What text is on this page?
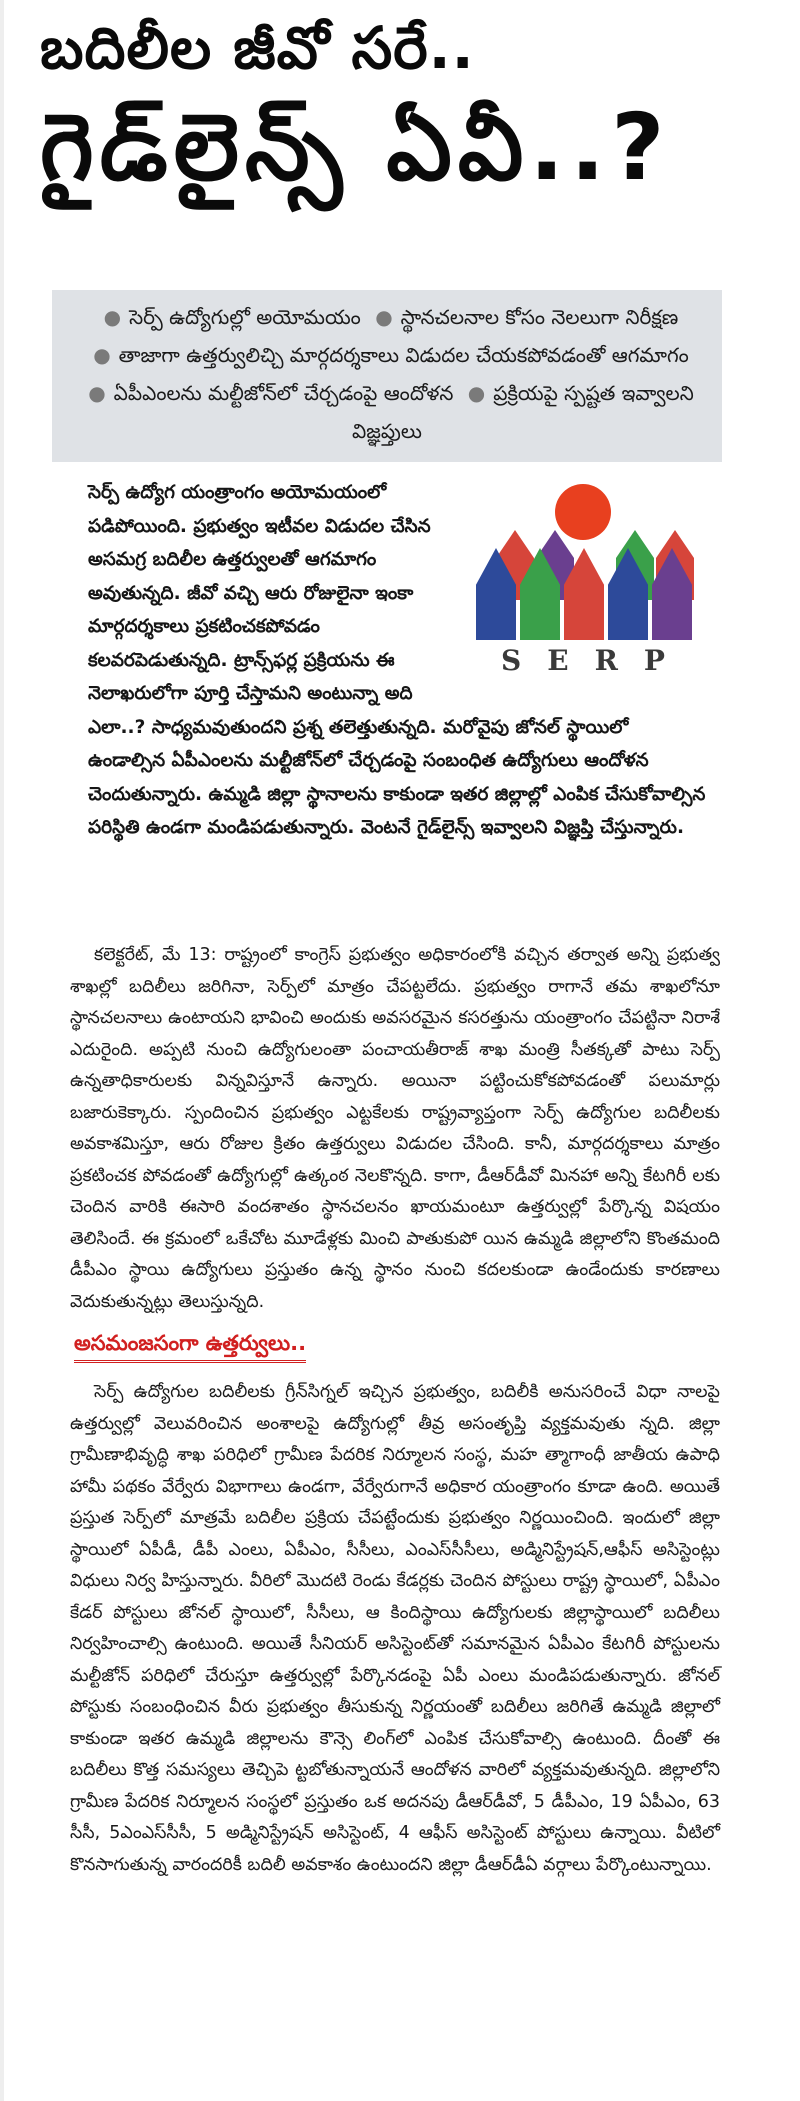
బదిలీల జీవో సరే..
గైడ్‌లైన్స్ ఏవీ..?
● సెర్ప్ ఉద్యోగుల్లో అయోమయం ● స్థానచలనాల కోసం నెలలుగా నిరీక్షణ ● తాజాగా ఉత్తర్వులిచ్చి మార్గదర్శకాలు విడుదల చేయకపోవడంతో ఆగమాగం ● ఏపీఎంలను మల్టీజోన్‌లో చేర్చడంపై ఆందోళన ● ప్రక్రియపై స్పష్టత ఇవ్వాలని విజ్ఞప్తులు
SERP
సెర్ప్ ఉద్యోగ యంత్రాంగం అయోమయంలో పడిపోయింది. ప్రభుత్వం ఇటీవల విడుదల చేసిన అసమగ్ర బదిలీల ఉత్తర్వులతో ఆగమాగం అవుతున్నది. జీవో వచ్చి ఆరు రోజులైనా ఇంకా మార్గదర్శకాలు ప్రకటించకపోవడం కలవరపెడుతున్నది. ట్రాన్స్‌ఫర్ల ప్రక్రియను ఈ నెలాఖరులోగా పూర్తి చేస్తామని అంటున్నా అది ఎలా..? సాధ్యమవుతుందని ప్రశ్న తలెత్తుతున్నది. మరోవైపు జోనల్ స్థాయిలో ఉండాల్సిన ఏపీఎంలను మల్టీజోన్‌లో చేర్చడంపై సంబంధిత ఉద్యోగులు ఆందోళన చెందుతున్నారు. ఉమ్మడి జిల్లా స్థానాలను కాకుండా ఇతర జిల్లాల్లో ఎంపిక చేసుకోవాల్సిన పరిస్థితి ఉండగా మండిపడుతున్నారు. వెంటనే గైడ్‌లైన్స్ ఇవ్వాలని విజ్ఞప్తి చేస్తున్నారు.

కలెక్టరేట్, మే 13: రాష్ట్రంలో కాంగ్రెస్ ప్రభుత్వం అధికారంలోకి వచ్చిన తర్వాత అన్ని ప్రభుత్వ శాఖల్లో బదిలీలు జరిగినా, సెర్ప్‌లో మాత్రం చేపట్టలేదు. ప్రభుత్వం రాగానే తమ శాఖలోనూ స్థానచలనాలు ఉంటాయని భావించి అందుకు అవసరమైన కసరత్తును యంత్రాంగం చేపట్టినా నిరాశే ఎదురైంది. అప్పటి నుంచి ఉద్యోగులంతా పంచాయతీరాజ్ శాఖ మంత్రి సీతక్కతో పాటు సెర్ప్ ఉన్నతాధికారులకు విన్నవిస్తూనే ఉన్నారు. అయినా పట్టించుకోకపోవడంతో పలుమార్లు బజారుకెక్కారు. స్పందించిన ప్రభుత్వం ఎట్టకేలకు రాష్ట్రవ్యాప్తంగా సెర్ప్ ఉద్యోగుల బదిలీలకు అవకాశమిస్తూ, ఆరు రోజుల క్రితం ఉత్తర్వులు విడుదల చేసింది. కానీ, మార్గదర్శకాలు మాత్రం ప్రకటించక పోవడంతో ఉద్యోగుల్లో ఉత్కంఠ నెలకొన్నది. కాగా, డీఆర్‌డీవో మినహా అన్ని కేటగిరీ లకు చెందిన వారికి ఈసారి వందశాతం స్థానచలనం ఖాయమంటూ ఉత్తర్వుల్లో పేర్కొన్న విషయం తెలిసిందే. ఈ క్రమంలో ఒకేచోట మూడేళ్లకు మించి పాతుకుపో యిన ఉమ్మడి జిల్లాలోని కొంతమంది డీపీఎం స్థాయి ఉద్యోగులు ప్రస్తుతం ఉన్న స్థానం నుంచి కదలకుండా ఉండేందుకు కారణాలు వెదుకుతున్నట్లు తెలుస్తున్నది.

అసమంజసంగా ఉత్తర్వులు..

సెర్ప్ ఉద్యోగుల బదిలీలకు గ్రీన్‌సిగ్నల్ ఇచ్చిన ప్రభుత్వం, బదిలీకి అనుసరించే విధా నాలపై ఉత్తర్వుల్లో వెలువరించిన అంశాలపై ఉద్యోగుల్లో తీవ్ర అసంతృప్తి వ్యక్తమవుతు న్నది. జిల్లా గ్రామీణాభివృద్ధి శాఖ పరిధిలో గ్రామీణ పేదరిక నిర్మూలన సంస్థ, మహ త్మాగాంధీ జాతీయ ఉపాధి హామీ పథకం వేర్వేరు విభాగాలు ఉండగా, వేర్వేరుగానే అధికార యంత్రాంగం కూడా ఉంది. అయితే ప్రస్తుత సెర్ప్‌లో మాత్రమే బదిలీల ప్రక్రియ చేపట్టేందుకు ప్రభుత్వం నిర్ణయించింది. ఇందులో జిల్లా స్థాయిలో ఏపీడీ, డీపీ ఎంలు, ఏపీఎం, సీసీలు, ఎంఎస్‌సీసీలు, అడ్మినిస్ట్రేషన్,ఆఫీస్ అసిస్టెంట్లు విధులు నిర్వ హిస్తున్నారు. వీరిలో మొదటి రెండు కేడర్లకు చెందిన పోస్టులు రాష్ట్ర స్థాయిలో, ఏపీఎం కేడర్ పోస్టులు జోనల్ స్థాయిలో, సీసీలు, ఆ కిందిస్థాయి ఉద్యోగులకు జిల్లాస్థాయిలో బదిలీలు నిర్వహించాల్సి ఉంటుంది. అయితే సీనియర్ అసిస్టెంట్‌తో సమానమైన ఏపీఎం కేటగిరీ పోస్టులను మల్టీజోన్ పరిధిలో చేరుస్తూ ఉత్తర్వుల్లో పేర్కొనడంపై ఏపీ ఎంలు మండిపడుతున్నారు. జోనల్ పోస్టుకు సంబంధించిన వీరు ప్రభుత్వం తీసుకున్న నిర్ణయంతో బదిలీలు జరిగితే ఉమ్మడి జిల్లాలో కాకుండా ఇతర ఉమ్మడి జిల్లాలను కౌన్సె లింగ్‌లో ఎంపిక చేసుకోవాల్సి ఉంటుంది. దీంతో ఈ బదిలీలు కొత్త సమస్యలు తెచ్చిపె ట్టబోతున్నాయనే ఆందోళన వారిలో వ్యక్తమవుతున్నది. జిల్లాలోని గ్రామీణ పేదరిక నిర్మూలన సంస్థలో ప్రస్తుతం ఒక అదనపు డీఆర్‌డీవో, 5 డీపీఎం, 19 ఏపీఎం, 63 సీసీ, 5ఎంఎస్‌సీసీ, 5 అడ్మినిస్ట్రేషన్ అసిస్టెంట్, 4 ఆఫీస్ అసిస్టెంట్ పోస్టులు ఉన్నాయి. వీటిలో కొనసాగుతున్న వారందరికీ బదిలీ అవకాశం ఉంటుందని జిల్లా డీఆర్‌డీఏ వర్గాలు పేర్కొంటున్నాయి.
